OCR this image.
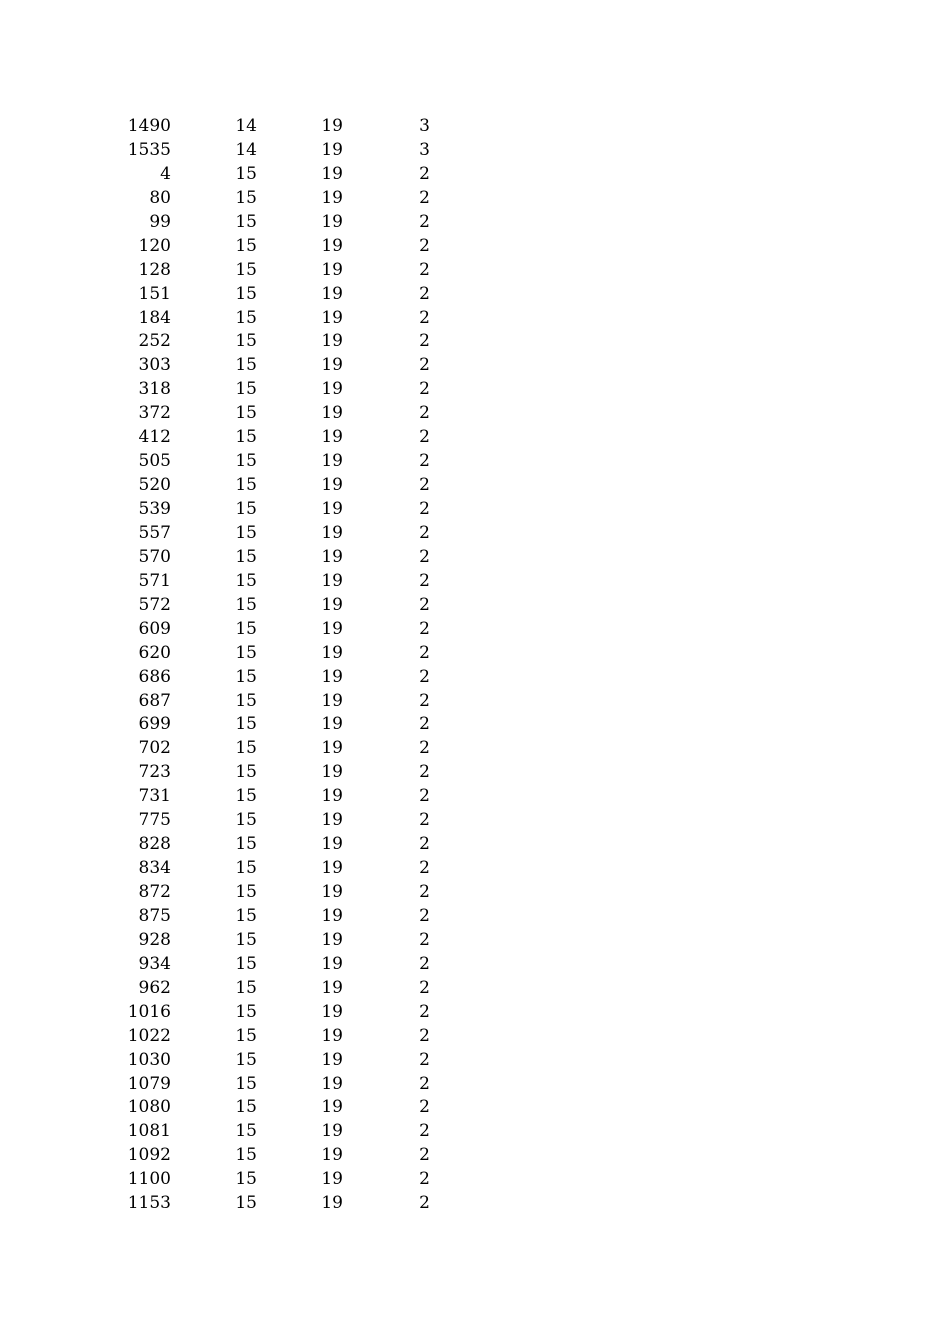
1490	14	19	3
1535	14	19	3
4	15	19	2
80	15	19	2
99	15	19	2
120	15	19	2
128	15	19	2
151	15	19	2
184	15	19	2
252	15	19	2
303	15	19	2
318	15	19	2
372	15	19	2
412	15	19	2
505	15	19	2
520	15	19	2
539	15	19	2
557	15	19	2
570	15	19	2
571	15	19	2
572	15	19	2
609	15	19	2
620	15	19	2
686	15	19	2
687	15	19	2
699	15	19	2
702	15	19	2
723	15	19	2
731	15	19	2
775	15	19	2
828	15	19	2
834	15	19	2
872	15	19	2
875	15	19	2
928	15	19	2
934	15	19	2
962	15	19	2
1016	15	19	2
1022	15	19	2
1030	15	19	2
1079	15	19	2
1080	15	19	2
1081	15	19	2
1092	15	19	2
1100	15	19	2
1153	15	19	2
